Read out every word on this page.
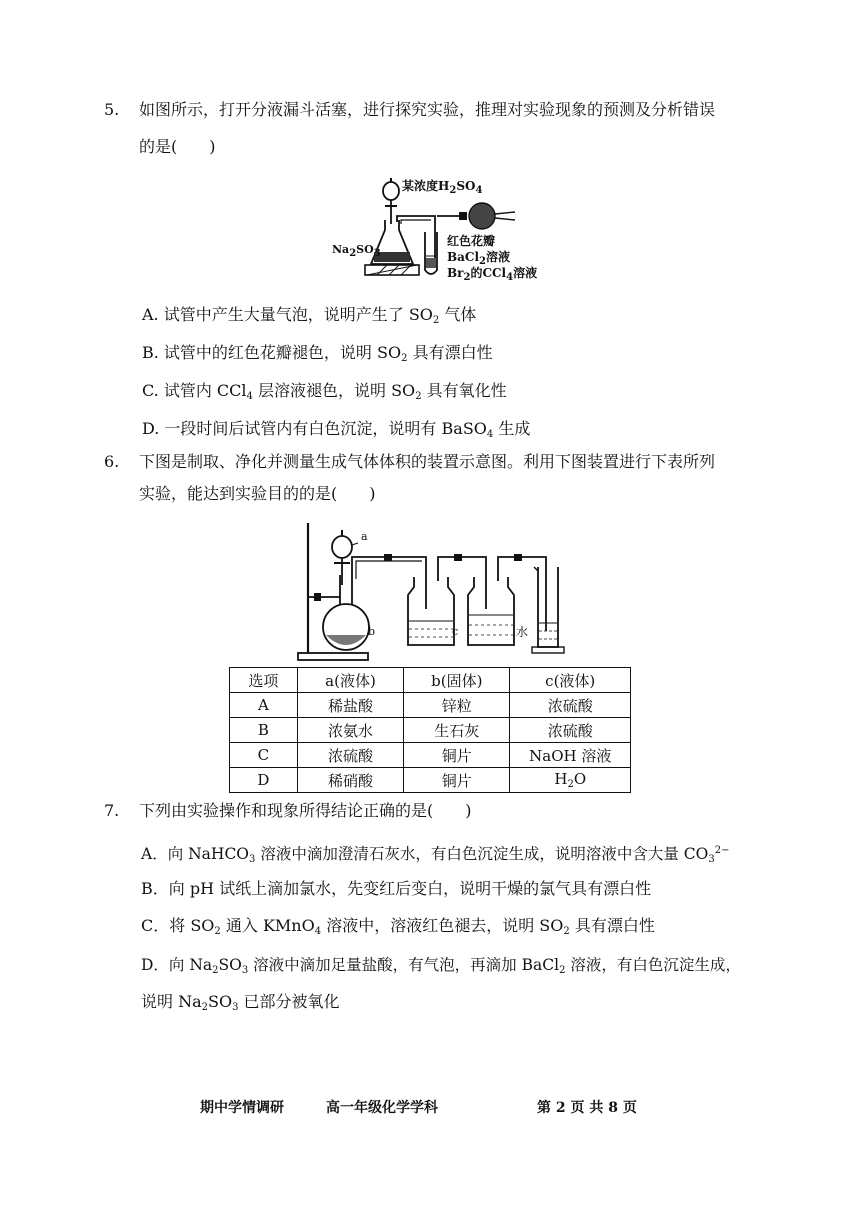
5. 如图所示，打开分液漏斗活塞，进行探究实验，推理对实验现象的预测及分析错误
的是(　　)
某浓度$H_2SO_4$
$Na_2SO_3$
红色花瓣
BaCl$_2$溶液
$Br_2$的CCl$_4$溶液
A. 试管中产生大量气泡，说明产生了 $SO_2$ 气体
B. 试管中的红色花瓣褪色，说明 $SO_2$ 具有漂白性
C. 试管内 CCl$_4$ 层溶液褪色，说明 $SO_2$ 具有氧化性
D. 一段时间后试管内有白色沉淀，说明有 BaSO$_4$ 生成
6. 下图是制取、净化并测量生成气体体积的装置示意图。利用下图装置进行下表所列
实验，能达到实验目的的是(　　)
a
b	c	水
选项	a(液体)	b(固体)	c(液体)
A	稀盐酸	锌粒	浓硫酸
B	浓氨水	生石灰	浓硫酸
C	浓硫酸	铜片	NaOH 溶液
D	稀硝酸	铜片	$H_2O$
7. 下列由实验操作和现象所得结论正确的是(　　)
A．向 NaHCO$_3$ 溶液中滴加澄清石灰水，有白色沉淀生成，说明溶液中含大量 $CO_3^{2-}$
B．向 pH 试纸上滴加氯水，先变红后变白，说明干燥的氯气具有漂白性
C．将 $SO_2$ 通入 KMnO$_4$ 溶液中，溶液红色褪去，说明 $SO_2$ 具有漂白性
D．向 $Na_2SO_3$ 溶液中滴加足量盐酸，有气泡，再滴加 BaCl$_2$ 溶液，有白色沉淀生成，
说明 $Na_2SO_3$ 已部分被氧化
期中学情调研	高一年级化学学科	第 2 页 共 8 页
